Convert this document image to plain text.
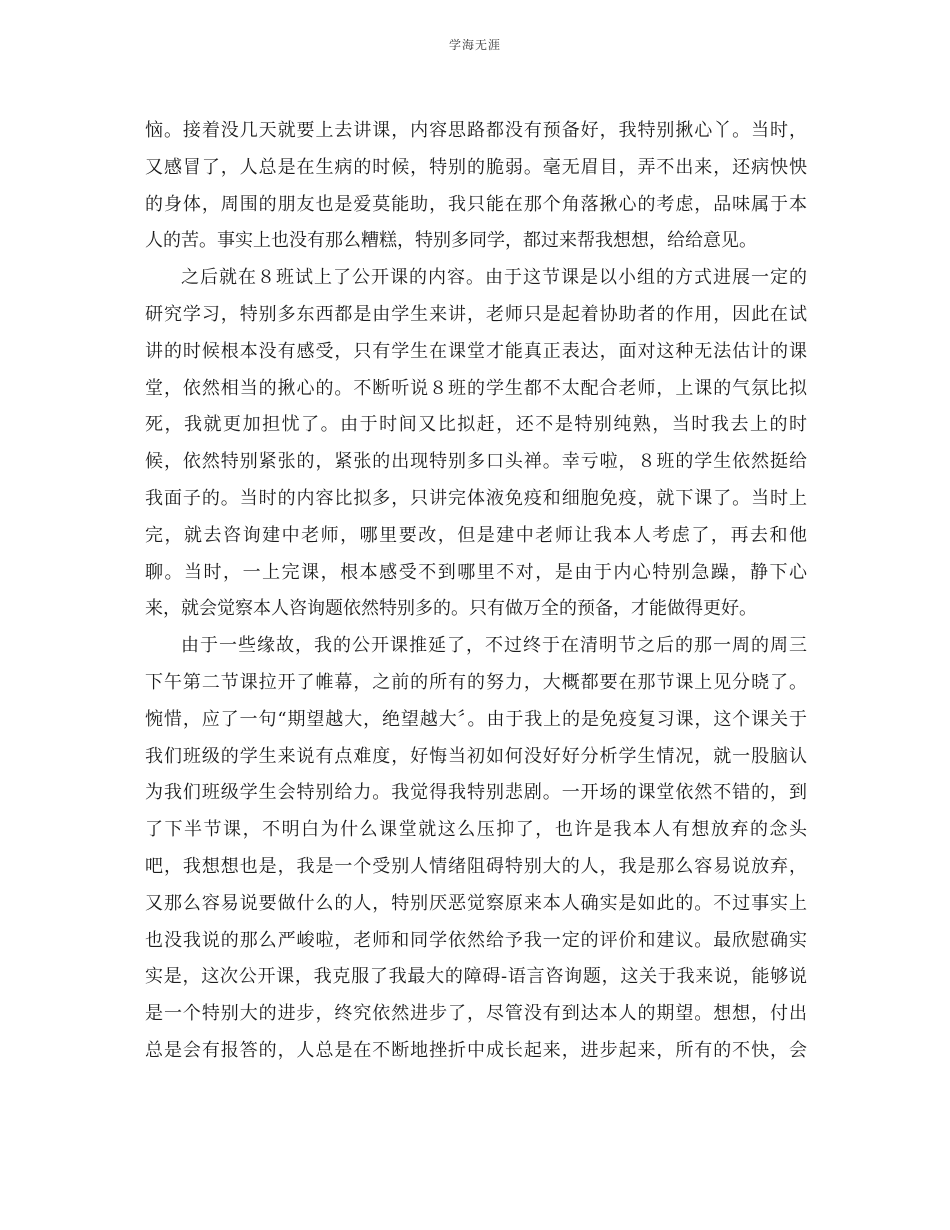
学海无涯
恼。接着没几天就要上去讲课，内容思路都没有预备好，我特别揪心丫。当时，
又感冒了，人总是在生病的时候，特别的脆弱。毫无眉目，弄不出来，还病怏怏
的身体，周围的朋友也是爱莫能助，我只能在那个角落揪心的考虑，品味属于本
人的苦。事实上也没有那么糟糕，特别多同学，都过来帮我想想，给给意见。
之后就在８班试上了公开课的内容。由于这节课是以小组的方式进展一定的
研究学习，特别多东西都是由学生来讲，老师只是起着协助者的作用，因此在试
讲的时候根本没有感受，只有学生在课堂才能真正表达，面对这种无法估计的课
堂，依然相当的揪心的。不断听说８班的学生都不太配合老师，上课的气氛比拟
死，我就更加担忧了。由于时间又比拟赶，还不是特别纯熟，当时我去上的时
候，依然特别紧张的，紧张的出现特别多口头禅。幸亏啦，８班的学生依然挺给
我面子的。当时的内容比拟多，只讲完体液免疫和细胞免疫，就下课了。当时上
完，就去咨询建中老师，哪里要改，但是建中老师让我本人考虑了，再去和他
聊。当时，一上完课，根本感受不到哪里不对，是由于内心特别急躁，静下心
来，就会觉察本人咨询题依然特别多的。只有做万全的预备，才能做得更好。
由于一些缘故，我的公开课推延了，不过终于在清明节之后的那一周的周三
下午第二节课拉开了帷幕，之前的所有的努力，大概都要在那节课上见分晓了。
惋惜，应了一句“期望越大，绝望越大〞。由于我上的是免疫复习课，这个课关于
我们班级的学生来说有点难度，好悔当初如何没好好分析学生情况，就一股脑认
为我们班级学生会特别给力。我觉得我特别悲剧。一开场的课堂依然不错的，到
了下半节课，不明白为什么课堂就这么压抑了，也许是我本人有想放弃的念头
吧，我想想也是，我是一个受别人情绪阻碍特别大的人，我是那么容易说放弃，
又那么容易说要做什么的人，特别厌恶觉察原来本人确实是如此的。不过事实上
也没我说的那么严峻啦，老师和同学依然给予我一定的评价和建议。最欣慰确实
实是，这次公开课，我克服了我最大的障碍-语言咨询题，这关于我来说，能够说
是一个特别大的进步，终究依然进步了，尽管没有到达本人的期望。想想，付出
总是会有报答的，人总是在不断地挫折中成长起来，进步起来，所有的不快，会
